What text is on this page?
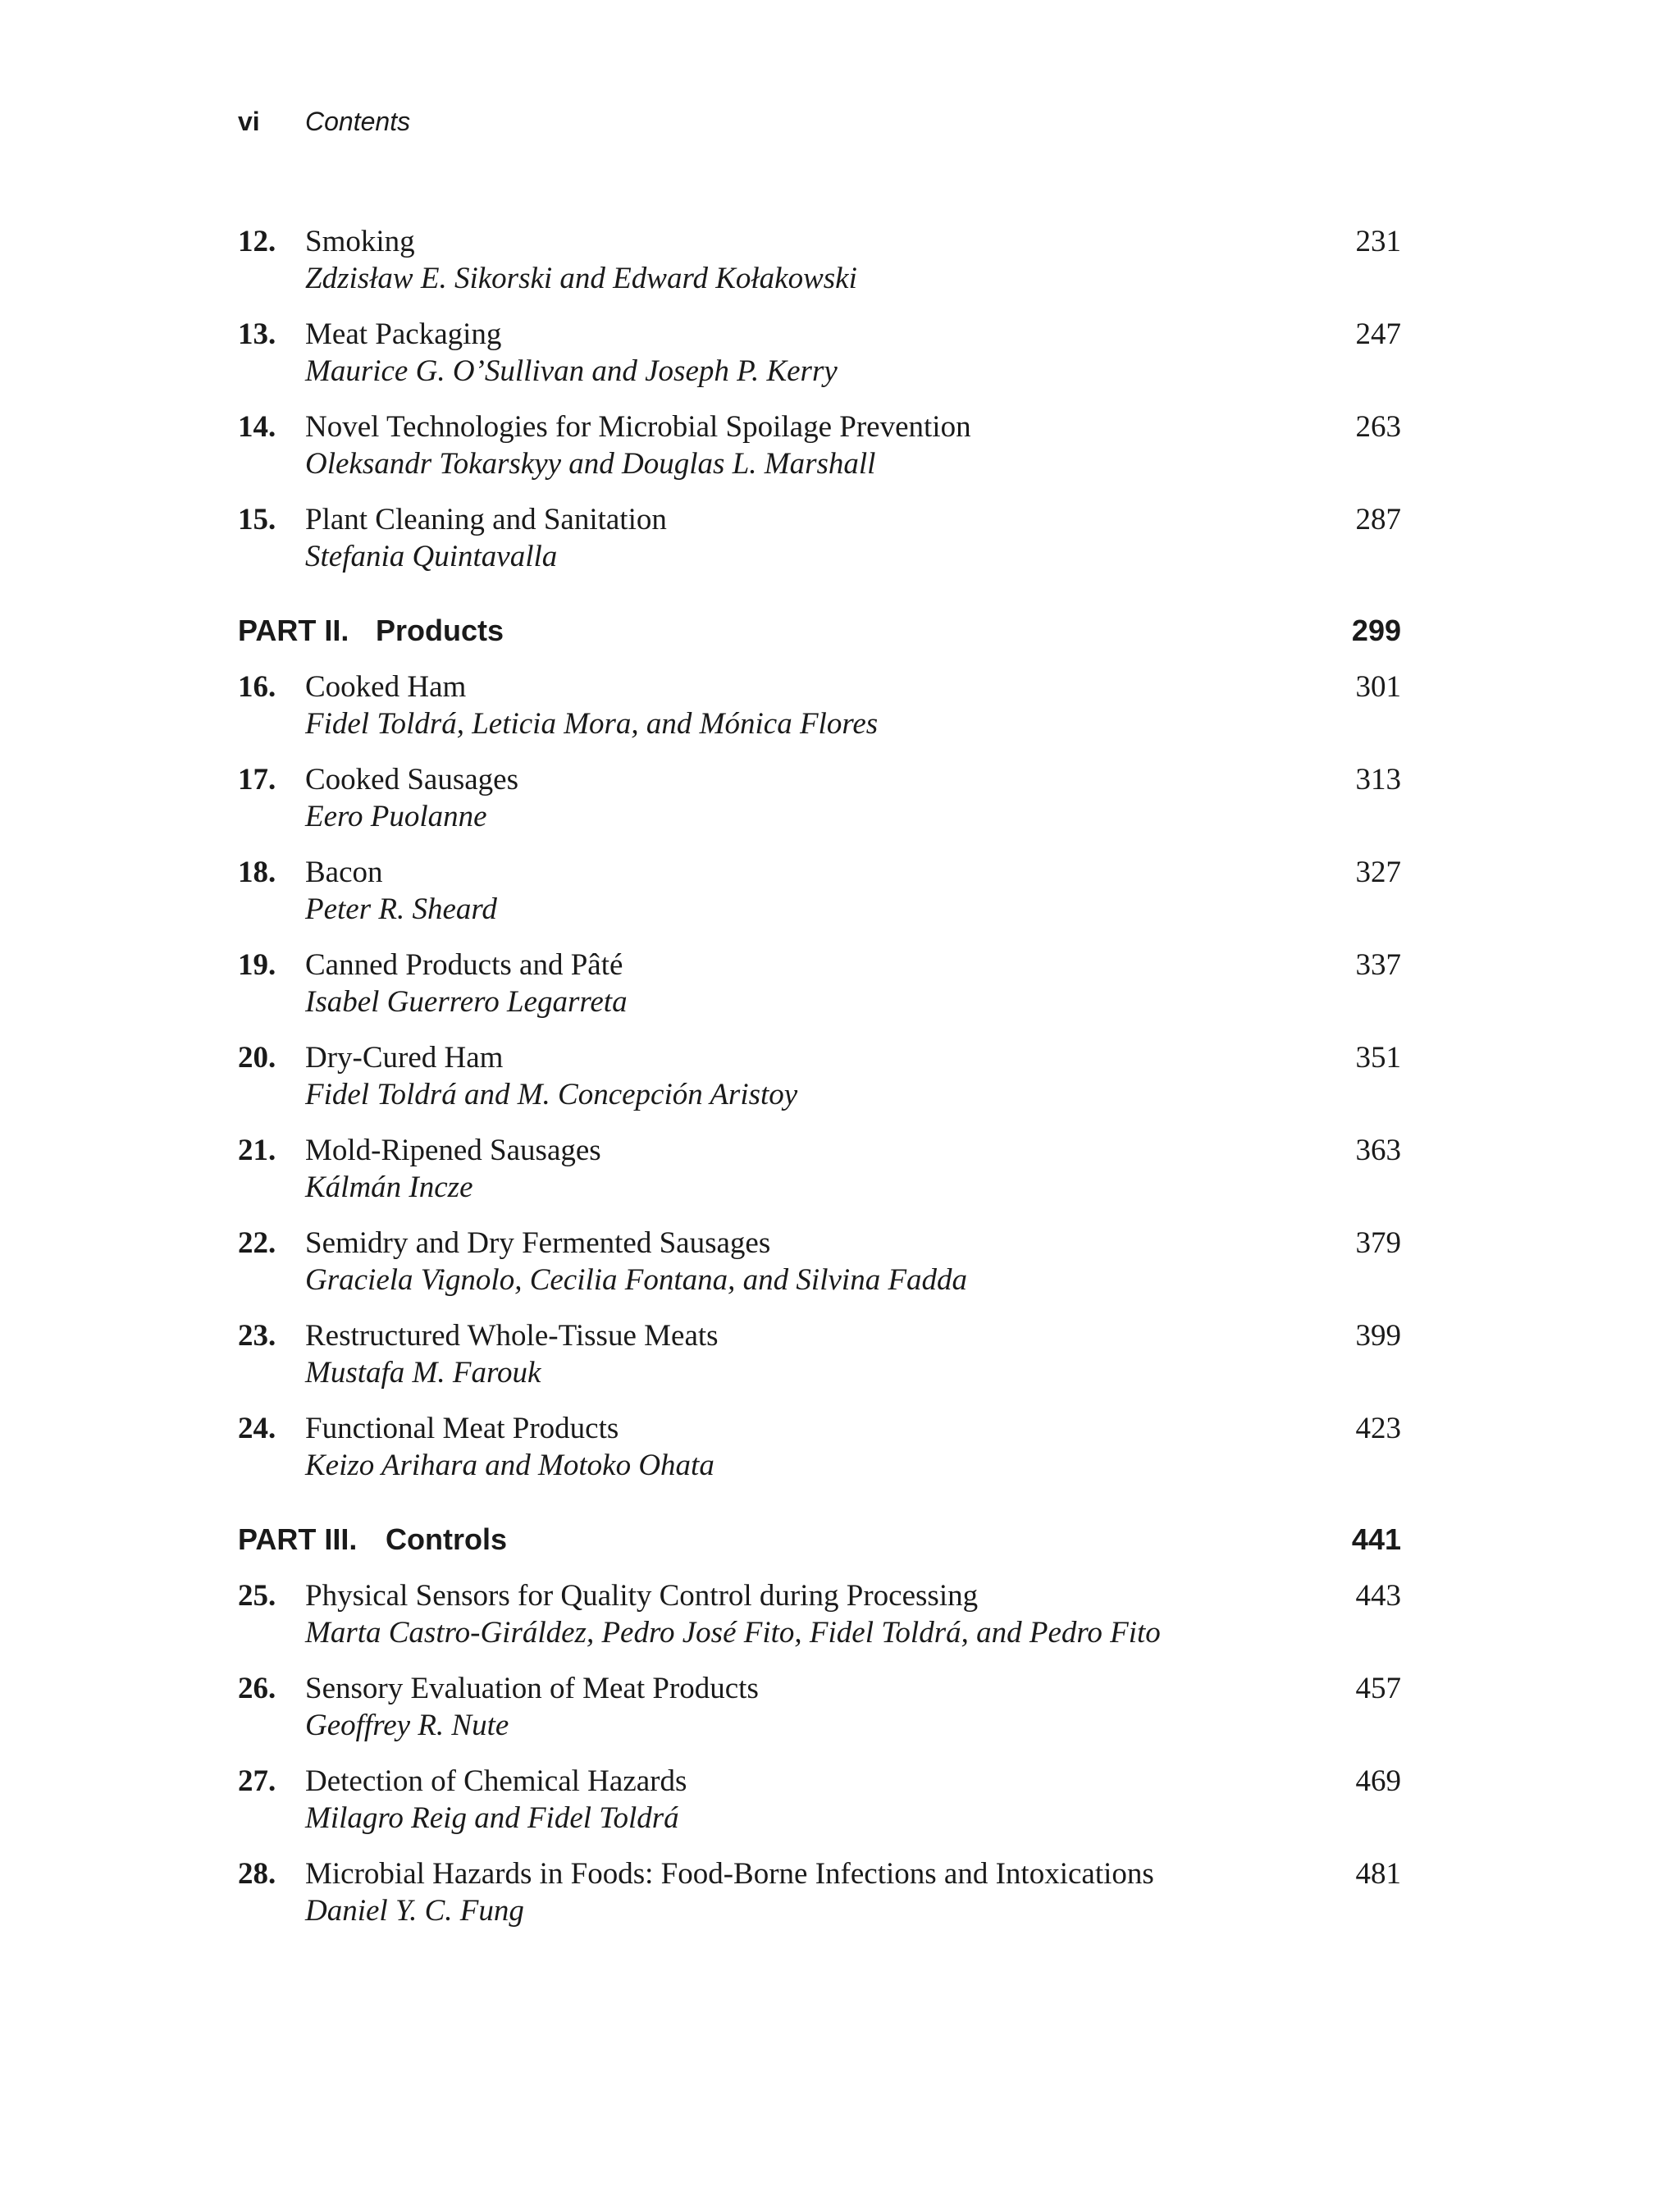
vi Contents
12. Smoking
Zdzisław E. Sikorski and Edward Kołakowski
231
13. Meat Packaging
Maurice G. O’Sullivan and Joseph P. Kerry
247
14. Novel Technologies for Microbial Spoilage Prevention
Oleksandr Tokarskyy and Douglas L. Marshall
263
15. Plant Cleaning and Sanitation
Stefania Quintavalla
287
PART II. Products	299
16. Cooked Ham
Fidel Toldrá, Leticia Mora, and Mónica Flores
301
17. Cooked Sausages
Eero Puolanne
313
18. Bacon
Peter R. Sheard
327
19. Canned Products and Pâté
Isabel Guerrero Legarreta
337
20. Dry-Cured Ham
Fidel Toldrá and M. Concepción Aristoy
351
21. Mold-Ripened Sausages
Kálmán Incze
363
22. Semidry and Dry Fermented Sausages
Graciela Vignolo, Cecilia Fontana, and Silvina Fadda
379
23. Restructured Whole-Tissue Meats
Mustafa M. Farouk
399
24. Functional Meat Products
Keizo Arihara and Motoko Ohata
423
PART III. Controls	441
25. Physical Sensors for Quality Control during Processing
Marta Castro-Giráldez, Pedro José Fito, Fidel Toldrá, and Pedro Fito
443
26. Sensory Evaluation of Meat Products
Geoffrey R. Nute
457
27. Detection of Chemical Hazards
Milagro Reig and Fidel Toldrá
469
28. Microbial Hazards in Foods: Food-Borne Infections and Intoxications
Daniel Y. C. Fung
481
